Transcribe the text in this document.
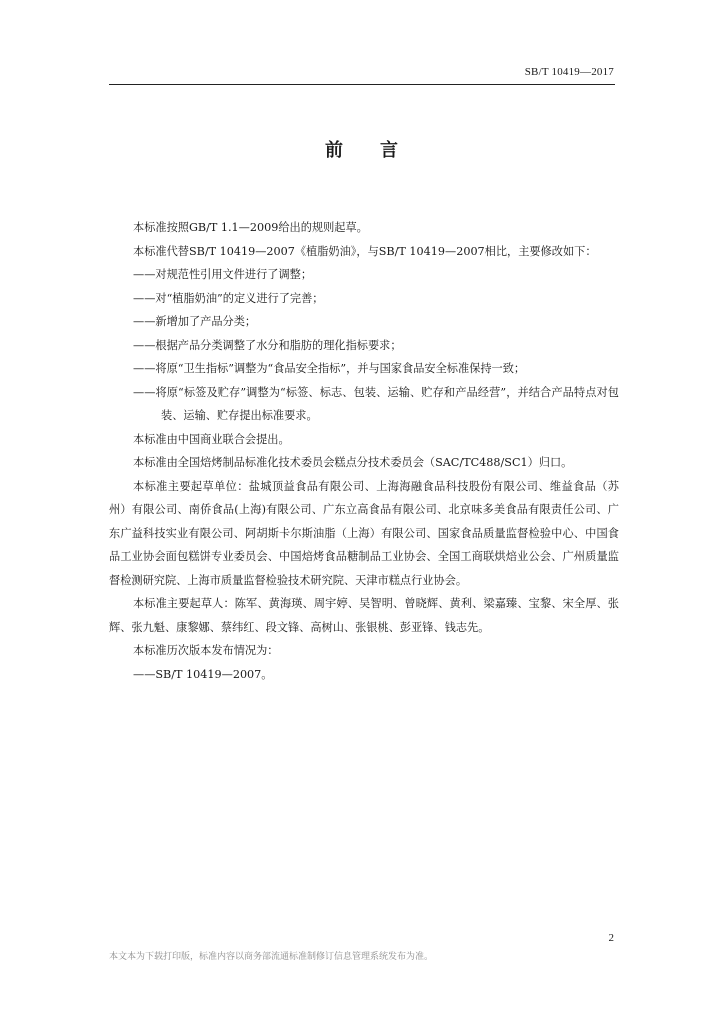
SB/T 10419—2017
前 言

本标准按照GB/T 1.1—2009给出的规则起草。

本标准代替SB/T 10419—2007《植脂奶油》，与SB/T 10419—2007相比，主要修改如下：

——对规范性引用文件进行了调整；

——对“植脂奶油”的定义进行了完善；

——新增加了产品分类；

——根据产品分类调整了水分和脂肪的理化指标要求；

——将原“卫生指标”调整为“食品安全指标”，并与国家食品安全标准保持一致；

——将原“标签及贮存”调整为“标签、标志、包装、运输、贮存和产品经营”，并结合产品特点对包装、运输、贮存提出标准要求。

本标准由中国商业联合会提出。

本标准由全国焙烤制品标准化技术委员会糕点分技术委员会（SAC/TC488/SC1）归口。

本标准主要起草单位：盐城顶益食品有限公司、上海海融食品科技股份有限公司、维益食品（苏州）有限公司、南侨食品(上海)有限公司、广东立高食品有限公司、北京味多美食品有限责任公司、广东广益科技实业有限公司、阿胡斯卡尔斯油脂（上海）有限公司、国家食品质量监督检验中心、中国食品工业协会面包糕饼专业委员会、中国焙烤食品糖制品工业协会、全国工商联烘焙业公会、广州质量监督检测研究院、上海市质量监督检验技术研究院、天津市糕点行业协会。

本标准主要起草人：陈军、黄海瑛、周宇婷、吴智明、曾晓辉、黄利、梁嘉臻、宝黎、宋全厚、张辉、张九魁、康黎娜、蔡纬红、段文锋、高树山、张银桃、彭亚锋、钱志先。

本标准历次版本发布情况为：

——SB/T 10419—2007。

2
本文本为下载打印版，标准内容以商务部流通标准制修订信息管理系统发布为准。
